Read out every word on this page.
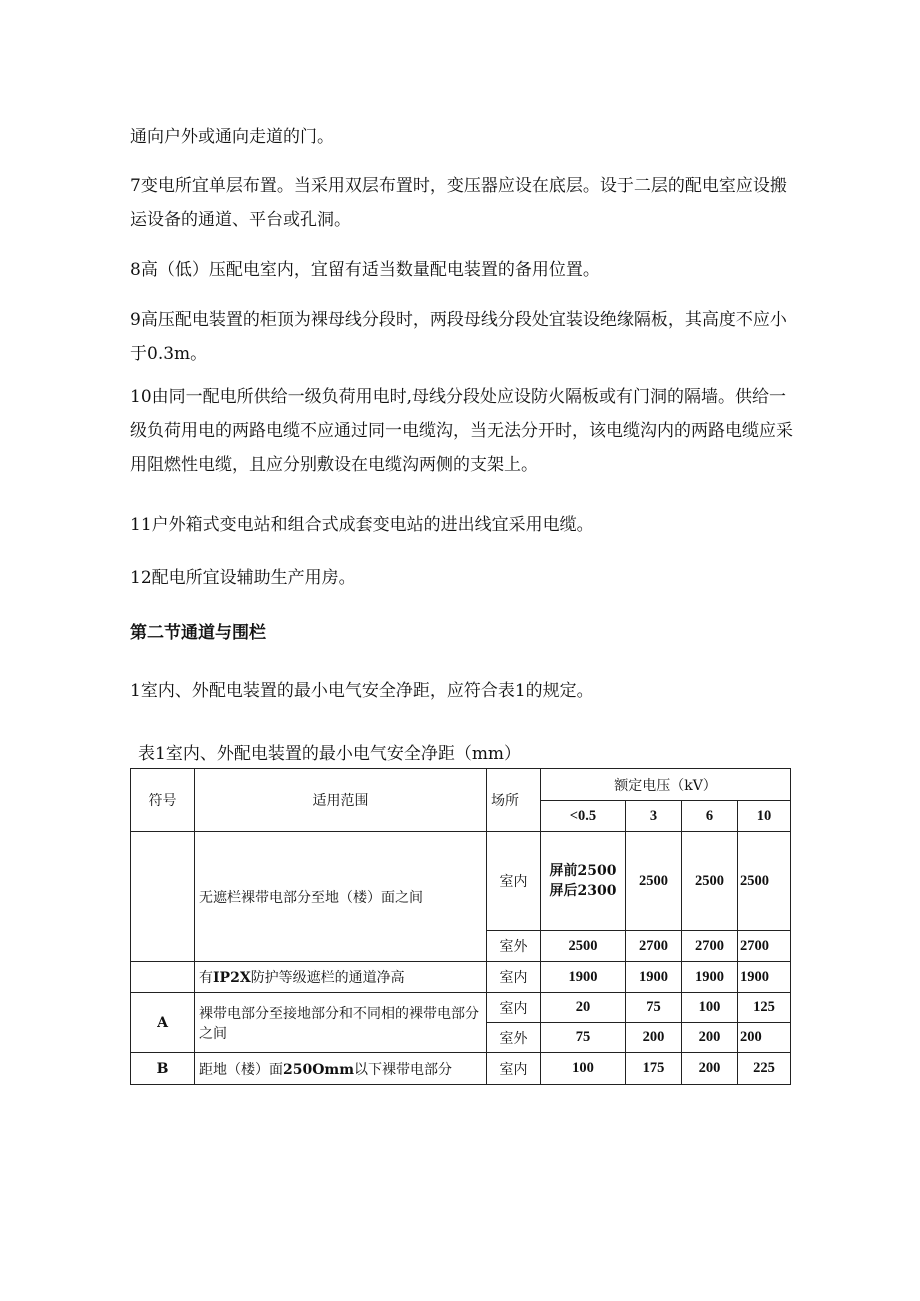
通向户外或通向走道的门。

7变电所宜单层布置。当采用双层布置时，变压器应设在底层。设于二层的配电室应设搬运设备的通道、平台或孔洞。

8高（低）压配电室内，宜留有适当数量配电装置的备用位置。

9高压配电装置的柜顶为裸母线分段时，两段母线分段处宜装设绝缘隔板，其高度不应小于0.3m。

10由同一配电所供给一级负荷用电时,母线分段处应设防火隔板或有门洞的隔墙。供给一级负荷用电的两路电缆不应通过同一电缆沟，当无法分开时，该电缆沟内的两路电缆应采用阻燃性电缆，且应分别敷设在电缆沟两侧的支架上。

11户外箱式变电站和组合式成套变电站的进出线宜采用电缆。

12配电所宜设辅助生产用房。

第二节通道与围栏

1室内、外配电装置的最小电气安全净距，应符合表1的规定。

表1室内、外配电装置的最小电气安全净距（mm）
符号	适用范围	场所	额定电压（kV）			
			<0.5	3	6	10
	无遮栏裸带电部分至地（楼）面之间	室内	屏前2500
屏后2300	2500	2500	2500
		室外	2500	2700	2700	2700
	有IP2X防护等级遮栏的通道净高	室内	1900	1900	1900	1900
A	裸带电部分至接地部分和不同相的裸带电部分之间	室内	20	75	100	125
		室外	75	200	200	200
B	距地（楼）面250Omm以下裸带电部分	室内	100	175	200	225
